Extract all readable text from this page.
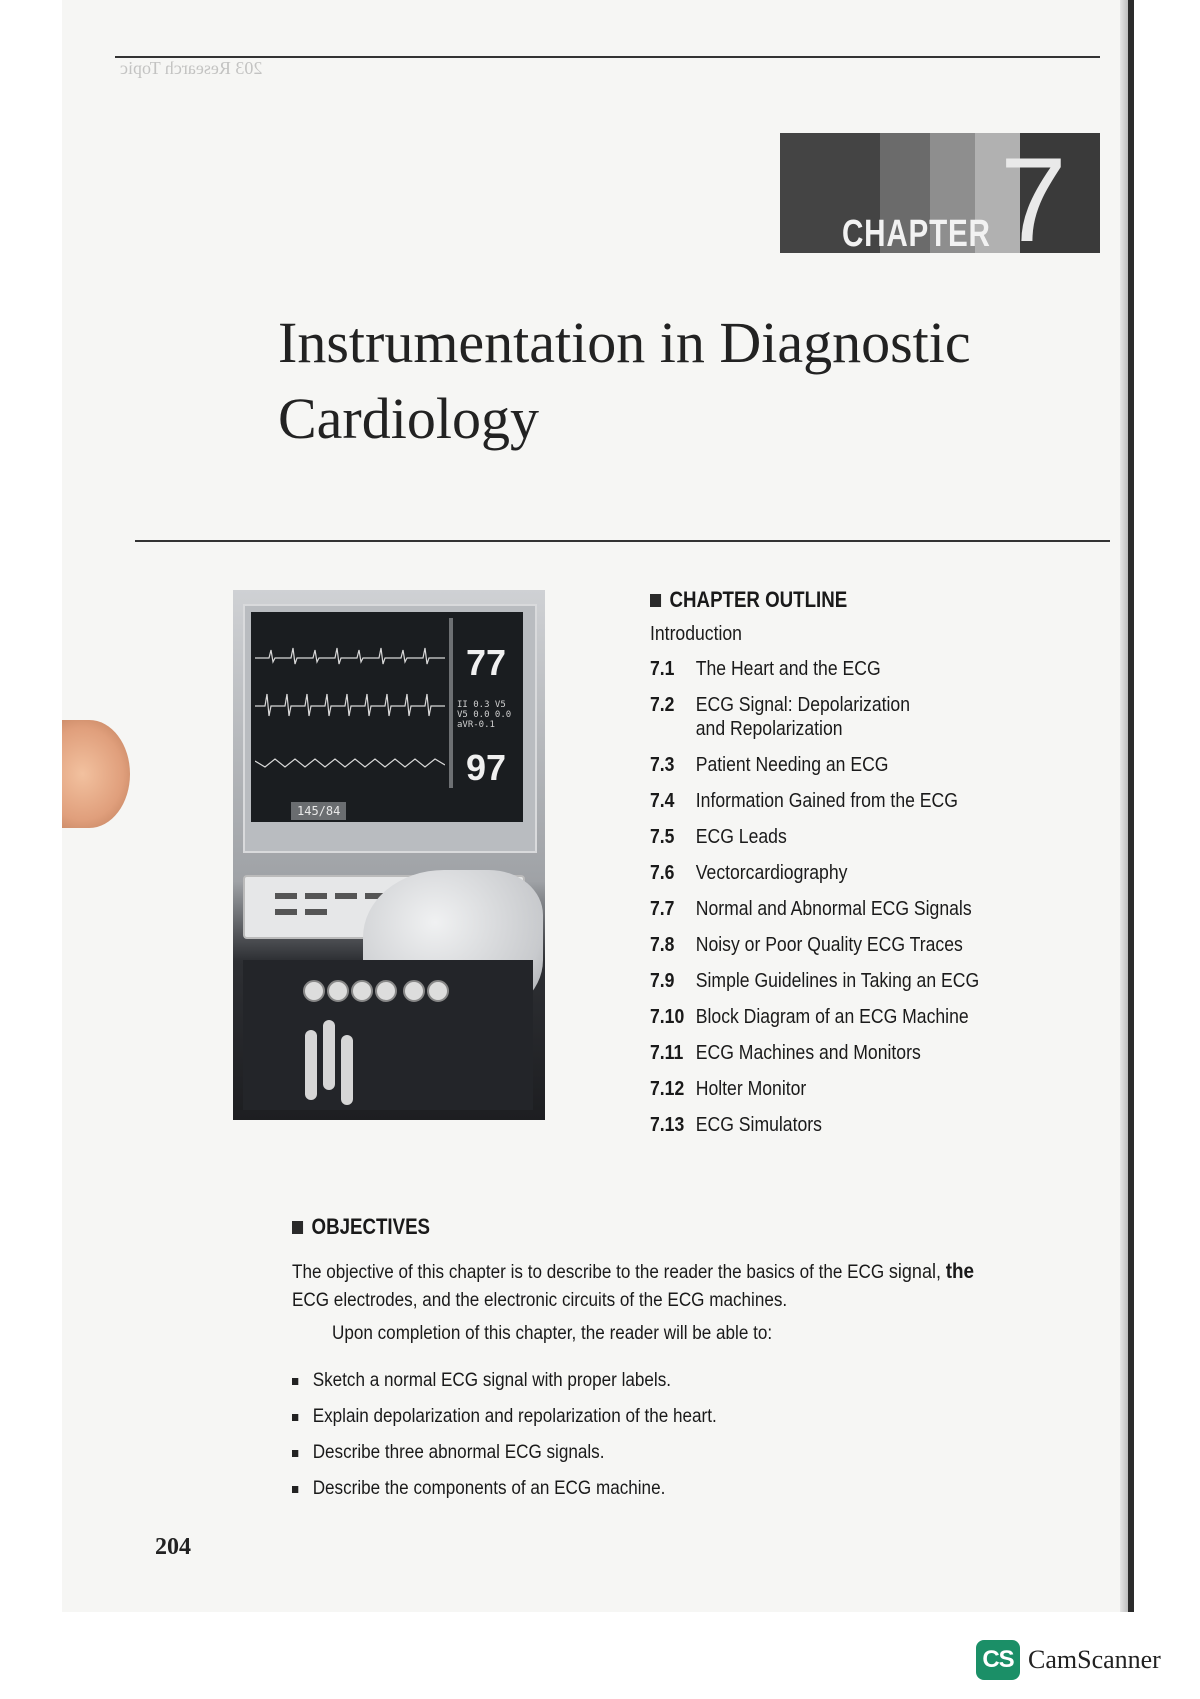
203 Research Topic
CHAPTER 7
Instrumentation in Diagnostic
Cardiology
77
II 0.3 V5
V5 0.0 0.0
aVR-0.1
97
145/84
CHAPTER OUTLINE
Introduction
7.1	The Heart and the ECG
7.2	ECG Signal: Depolarization and Repolarization
7.3	Patient Needing an ECG
7.4	Information Gained from the ECG
7.5	ECG Leads
7.6	Vectorcardiography
7.7	Normal and Abnormal ECG Signals
7.8	Noisy or Poor Quality ECG Traces
7.9	Simple Guidelines in Taking an ECG
7.10 Block Diagram of an ECG Machine
7.11 ECG Machines and Monitors
7.12 Holter Monitor
7.13 ECG Simulators
OBJECTIVES
The objective of this chapter is to describe to the reader the basics of the ECG signal, the
ECG electrodes, and the electronic circuits of the ECG machines.
Upon completion of this chapter, the reader will be able to:
Sketch a normal ECG signal with proper labels.
Explain depolarization and repolarization of the heart.
Describe three abnormal ECG signals.
Describe the components of an ECG machine.
204
CS CamScanner
